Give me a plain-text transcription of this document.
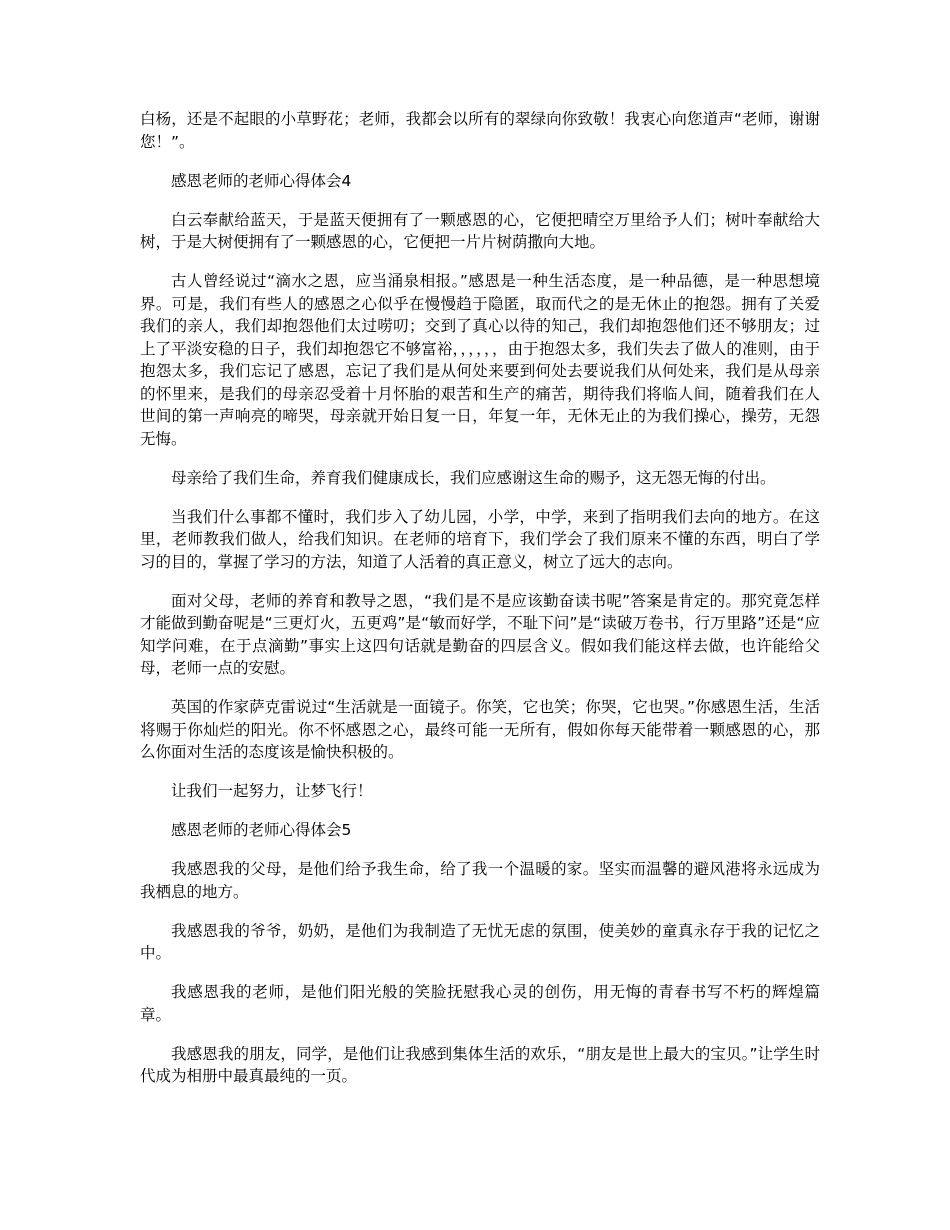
白杨，还是不起眼的小草野花；老师，我都会以所有的翠绿向你致敬！我衷心向您道声“老师，谢谢您！”。

感恩老师的老师心得体会4

白云奉献给蓝天，于是蓝天便拥有了一颗感恩的心，它便把晴空万里给予人们；树叶奉献给大树，于是大树便拥有了一颗感恩的心，它便把一片片树荫撒向大地。

古人曾经说过“滴水之恩，应当涌泉相报。”感恩是一种生活态度，是一种品德，是一种思想境界。可是，我们有些人的感恩之心似乎在慢慢趋于隐匿，取而代之的是无休止的抱怨。拥有了关爱我们的亲人，我们却抱怨他们太过唠叨；交到了真心以待的知己，我们却抱怨他们还不够朋友；过上了平淡安稳的日子，我们却抱怨它不够富裕，，，，，，由于抱怨太多，我们失去了做人的准则，由于抱怨太多，我们忘记了感恩，忘记了我们是从何处来要到何处去要说我们从何处来，我们是从母亲的怀里来，是我们的母亲忍受着十月怀胎的艰苦和生产的痛苦，期待我们将临人间，随着我们在人世间的第一声响亮的啼哭，母亲就开始日复一日，年复一年，无休无止的为我们操心，操劳，无怨无悔。

母亲给了我们生命，养育我们健康成长，我们应感谢这生命的赐予，这无怨无悔的付出。

当我们什么事都不懂时，我们步入了幼儿园，小学，中学，来到了指明我们去向的地方。在这里，老师教我们做人，给我们知识。在老师的培育下，我们学会了我们原来不懂的东西，明白了学习的目的，掌握了学习的方法，知道了人活着的真正意义，树立了远大的志向。

面对父母，老师的养育和教导之恩，“我们是不是应该勤奋读书呢”答案是肯定的。那究竟怎样才能做到勤奋呢是“三更灯火，五更鸡”是“敏而好学，不耻下问”是“读破万卷书，行万里路”还是“应知学问难，在于点滴勤”事实上这四句话就是勤奋的四层含义。假如我们能这样去做，也许能给父母，老师一点的安慰。

英国的作家萨克雷说过“生活就是一面镜子。你笑，它也笑；你哭，它也哭。”你感恩生活，生活将赐于你灿烂的阳光。你不怀感恩之心，最终可能一无所有，假如你每天能带着一颗感恩的心，那么你面对生活的态度该是愉快积极的。

让我们一起努力，让梦飞行！

感恩老师的老师心得体会5

我感恩我的父母，是他们给予我生命，给了我一个温暖的家。坚实而温馨的避风港将永远成为我栖息的地方。

我感恩我的爷爷，奶奶，是他们为我制造了无忧无虑的氛围，使美妙的童真永存于我的记忆之中。

我感恩我的老师，是他们阳光般的笑脸抚慰我心灵的创伤，用无悔的青春书写不朽的辉煌篇章。

我感恩我的朋友，同学，是他们让我感到集体生活的欢乐，“朋友是世上最大的宝贝。”让学生时代成为相册中最真最纯的一页。
